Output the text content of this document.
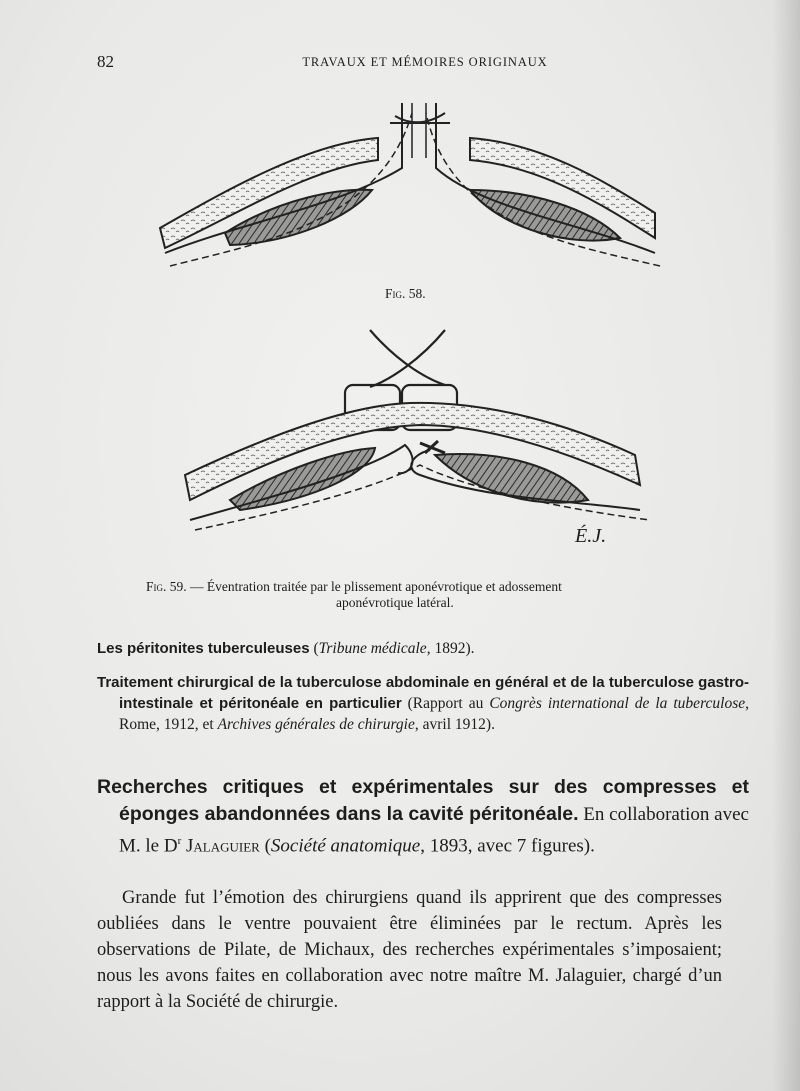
82	TRAVAUX ET MÉMOIRES ORIGINAUX
Fig. 58.
É.J.
Fig. 59. — Éventration traitée par le plissement aponévrotique et adossement
aponévrotique latéral.
Les péritonites tuberculeuses (Tribune médicale, 1892).
Traitement chirurgical de la tuberculose abdominale en général et de la tuberculose gastro-intestinale et péritonéale en particulier (Rapport au Congrès international de la tuberculose, Rome, 1912, et Archives générales de chirurgie, avril 1912).
Recherches critiques et expérimentales sur des compresses et éponges abandonnées dans la cavité péritonéale. En collaboration avec M. le $D^r$ Jalaguier (Société anatomique, 1893, avec 7 figures).
Grande fut l’émotion des chirurgiens quand ils apprirent que des compresses oubliées dans le ventre pouvaient être éliminées par le rectum. Après les observations de Pilate, de Michaux, des recherches expérimentales s’imposaient; nous les avons faites en collaboration avec notre maître M. Jalaguier, chargé d’un rapport à la Société de chirurgie.
